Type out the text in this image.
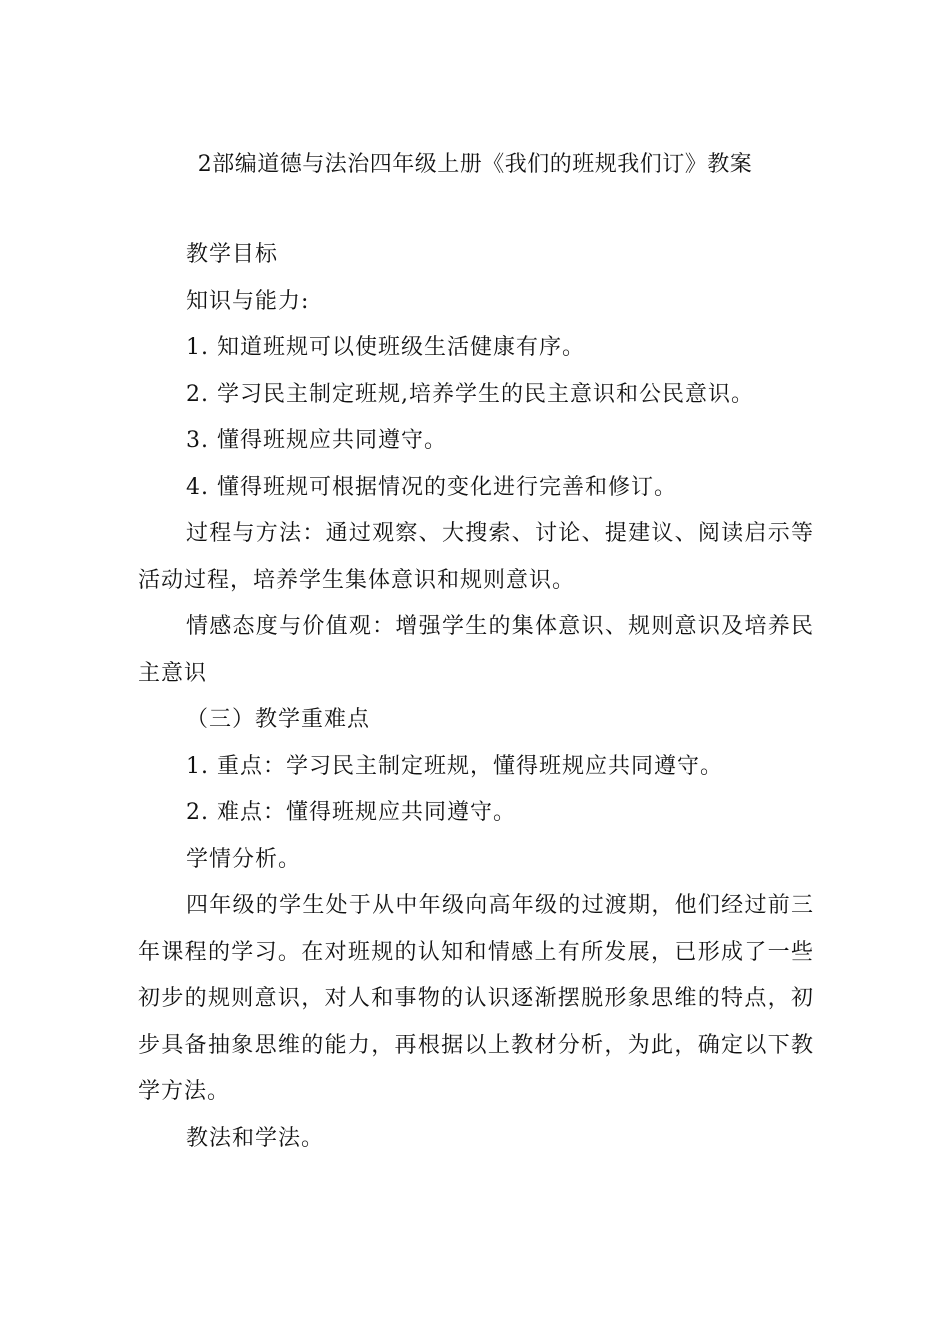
2部编道德与法治四年级上册《我们的班规我们订》教案

教学目标

知识与能力:

1. 知道班规可以使班级生活健康有序。

2. 学习民主制定班规,培养学生的民主意识和公民意识。

3. 懂得班规应共同遵守。

4. 懂得班规可根据情况的变化进行完善和修订。

过程与方法：通过观察、大搜索、讨论、提建议、阅读启示等活动过程，培养学生集体意识和规则意识。

情感态度与价值观：增强学生的集体意识、规则意识及培养民主意识

（三）教学重难点

1. 重点：学习民主制定班规，懂得班规应共同遵守。

2. 难点：懂得班规应共同遵守。

学情分析。

四年级的学生处于从中年级向高年级的过渡期，他们经过前三年课程的学习。在对班规的认知和情感上有所发展，已形成了一些初步的规则意识，对人和事物的认识逐渐摆脱形象思维的特点，初步具备抽象思维的能力，再根据以上教材分析，为此，确定以下教学方法。

教法和学法。
